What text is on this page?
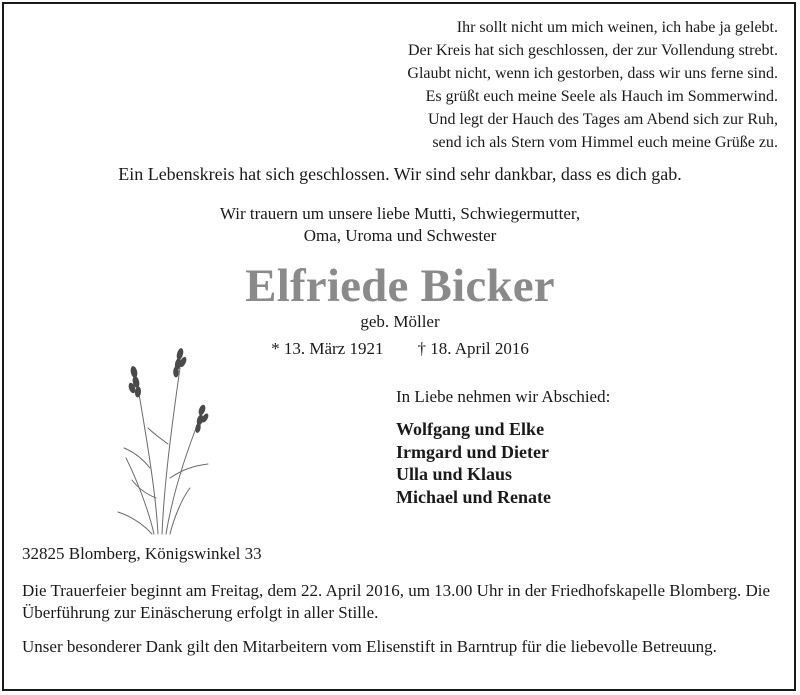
Ihr sollt nicht um mich weinen, ich habe ja gelebt.
Der Kreis hat sich geschlossen, der zur Vollendung strebt.
Glaubt nicht, wenn ich gestorben, dass wir uns ferne sind.
Es grüßt euch meine Seele als Hauch im Sommerwind.
Und legt der Hauch des Tages am Abend sich zur Ruh,
send ich als Stern vom Himmel euch meine Grüße zu.
Ein Lebenskreis hat sich geschlossen. Wir sind sehr dankbar, dass es dich gab.
Wir trauern um unsere liebe Mutti, Schwiegermutter,
Oma, Uroma und Schwester
Elfriede Bicker
geb. Möller
* 13. März 1921 † 18. April 2016
In Liebe nehmen wir Abschied:
Wolfgang und Elke
Irmgard und Dieter
Ulla und Klaus
Michael und Renate
32825 Blomberg, Königswinkel 33
Die Trauerfeier beginnt am Freitag, dem 22. April 2016, um 13.00 Uhr in der Friedhofskapelle Blomberg. Die Überführung zur Einäscherung erfolgt in aller Stille.
Unser besonderer Dank gilt den Mitarbeitern vom Elisenstift in Barntrup für die liebevolle Betreuung.
